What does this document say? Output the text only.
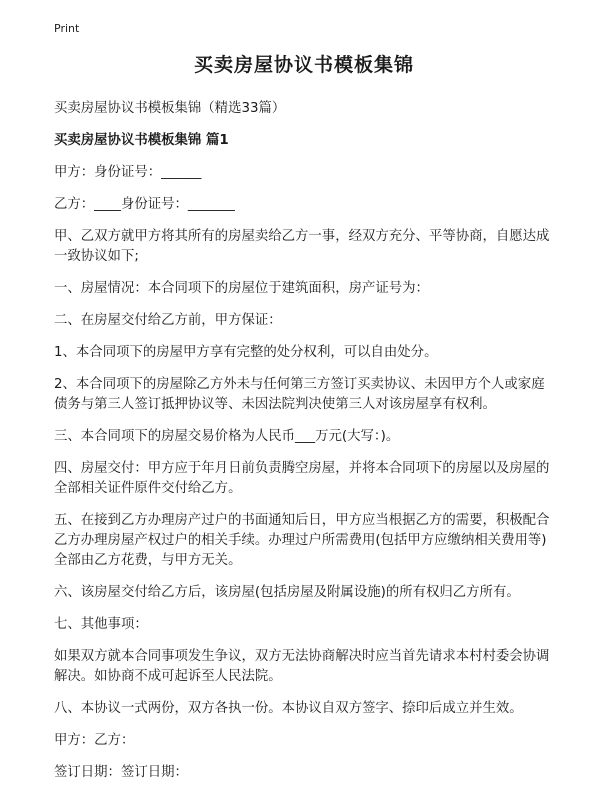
Print
买卖房屋协议书模板集锦
买卖房屋协议书模板集锦（精选33篇）
买卖房屋协议书模板集锦 篇1
甲方：身份证号：______
乙方：____身份证号：_______
甲、乙双方就甲方将其所有的房屋卖给乙方一事，经双方充分、平等协商，自愿达成一致协议如下;
一、房屋情况：本合同项下的房屋位于建筑面积，房产证号为：
二、在房屋交付给乙方前，甲方保证：
1、本合同项下的房屋甲方享有完整的处分权利，可以自由处分。
2、本合同项下的房屋除乙方外未与任何第三方签订买卖协议、未因甲方个人或家庭债务与第三人签订抵押协议等、未因法院判决使第三人对该房屋享有权利。
三、本合同项下的房屋交易价格为人民币___万元(大写：)。
四、房屋交付：甲方应于年月日前负责腾空房屋，并将本合同项下的房屋以及房屋的全部相关证件原件交付给乙方。
五、在接到乙方办理房产过户的书面通知后日，甲方应当根据乙方的需要，积极配合乙方办理房屋产权过户的相关手续。办理过户所需费用(包括甲方应缴纳相关费用等)全部由乙方花费，与甲方无关。
六、该房屋交付给乙方后，该房屋(包括房屋及附属设施)的所有权归乙方所有。
七、其他事项：
如果双方就本合同事项发生争议，双方无法协商解决时应当首先请求本村村委会协调解决。如协商不成可起诉至人民法院。
八、本协议一式两份，双方各执一份。本协议自双方签字、捺印后成立并生效。
甲方：乙方：
签订日期：签订日期：
